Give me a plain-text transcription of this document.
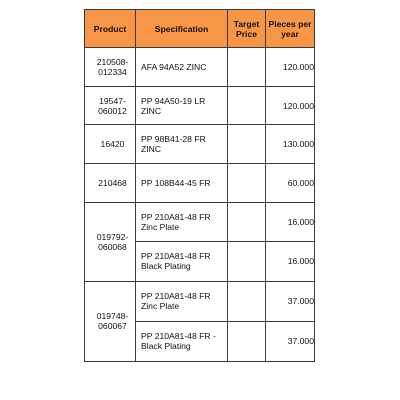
Product	Specification	Target Price	Pieces per year
210508-012334	AFA 94A52 ZINC		120.000
19547-060012	PP 94A50-19 LR ZINC		120.000
16420	PP 98B41-28 FR ZINC		130.000
210468	PP 108B44-45 FR		60.000
019792-060068	PP 210A81-48 FR Zinc Plate		16.000
	PP 210A81-48 FR Black Plating		16.000
019748-060067	PP 210A81-48 FR Zinc Plate		37.000
	PP 210A81-48 FR - Black Plating		37.000
